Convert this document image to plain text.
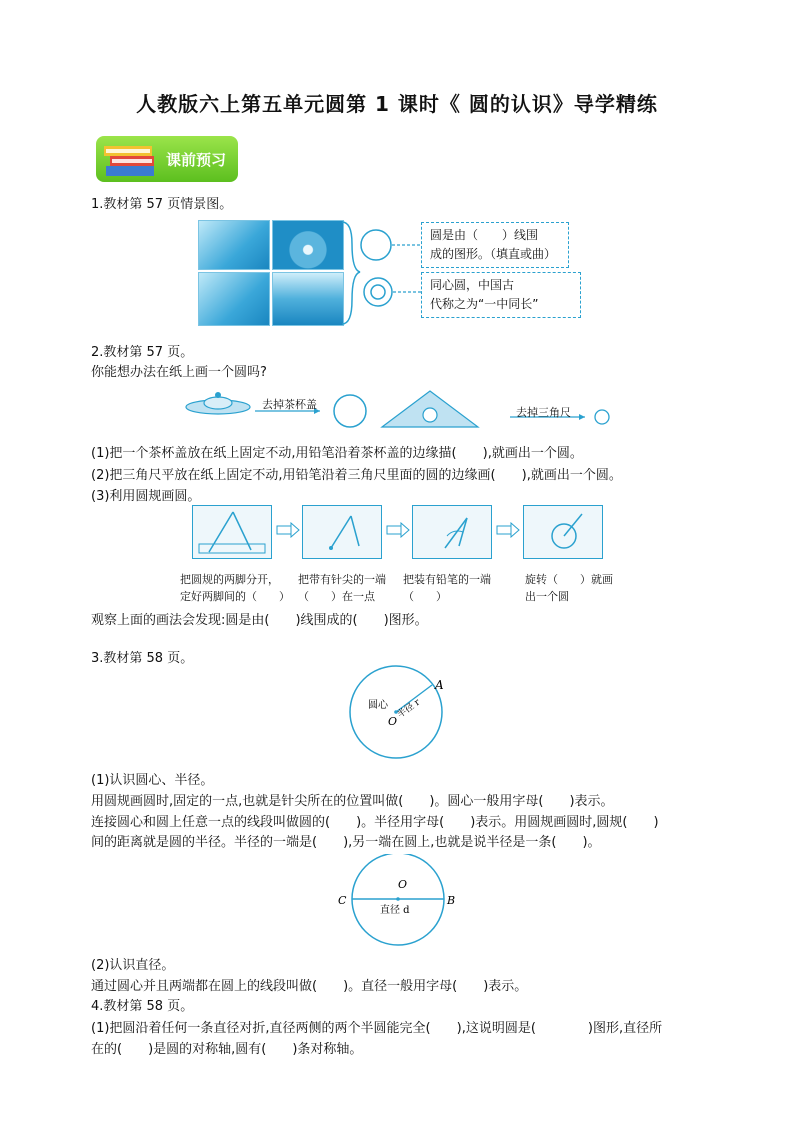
人教版六上第五单元圆第 1 课时《 圆的认识》导学精练
课前预习
1.教材第 57 页情景图。
圆是由（　　）线围
成的图形。（填直或曲）
同心圆，中国古
代称之为“一中同长”
2.教材第 57 页。
你能想办法在纸上画一个圆吗?
去掉茶杯盖
去掉三角尺
(1)把一个茶杯盖放在纸上固定不动,用铅笔沿着茶杯盖的边缘描(　　),就画出一个圆。
(2)把三角尺平放在纸上固定不动,用铅笔沿着三角尺里面的圆的边缘画(　　),就画出一个圆。
(3)利用圆规画圆。
把圆规的两脚分开，
定好两脚间的（　　）
把带有针尖的一端
（　　）在一点
把装有铅笔的一端
（　　）
旋转（　　）就画
出一个圆
观察上面的画法会发现:圆是由(　　)线围成的(　　)图形。
3.教材第 58 页。
圆心
O
半径 r
A
(1)认识圆心、半径。
用圆规画圆时,固定的一点,也就是针尖所在的位置叫做(　　)。圆心一般用字母(　　)表示。
连接圆心和圆上任意一点的线段叫做圆的(　　)。半径用字母(　　)表示。用圆规画圆时,圆规(　　)
间的距离就是圆的半径。半径的一端是(　　),另一端在圆上,也就是说半径是一条(　　)。
O
C	B
直径 d
(2)认识直径。
通过圆心并且两端都在圆上的线段叫做(　　)。直径一般用字母(　　)表示。
4.教材第 58 页。
(1)把圆沿着任何一条直径对折,直径两侧的两个半圆能完全(　　),这说明圆是(　　　　)图形,直径所
在的(　　)是圆的对称轴,圆有(　　)条对称轴。
